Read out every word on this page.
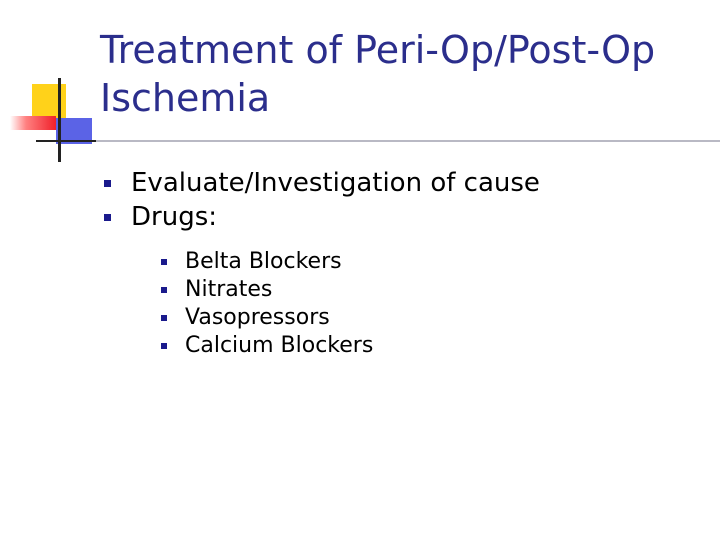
Treatment of Peri-Op/Post-Op
Ischemia
Evaluate/Investigation of cause
Drugs:
Belta Blockers
Nitrates
Vasopressors
Calcium Blockers
